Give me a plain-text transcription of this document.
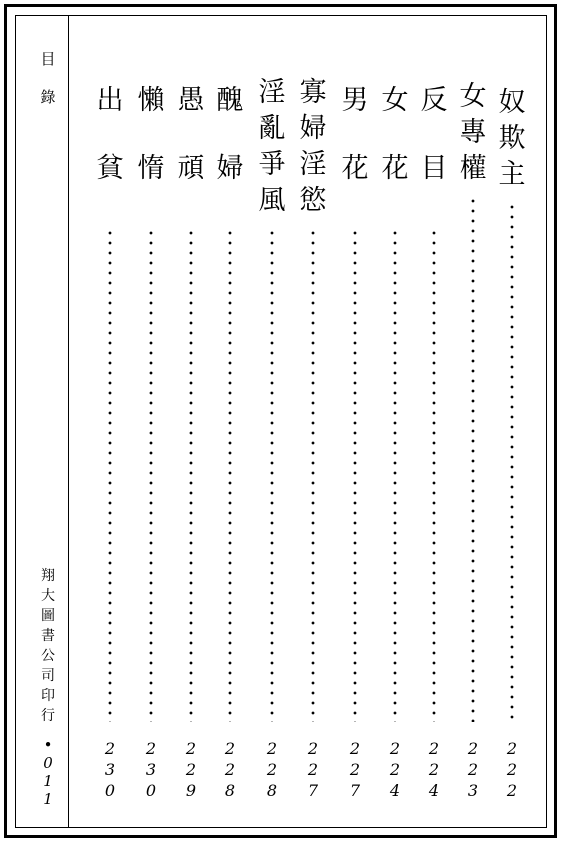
目
錄
翔
大
圖
書
公
司
印
行
•
0
1
1
奴
欺
主
2
2
2
女
專
權
2
2
3
反
目
2
2
4
女
花
2
2
4
男
花
2
2
7
寡
婦
淫
慾
2
2
7
淫
亂
爭
風
2
2
8
醜
婦
2
2
8
愚
頑
2
2
9
懶
惰
2
3
0
出
貧
2
3
0
